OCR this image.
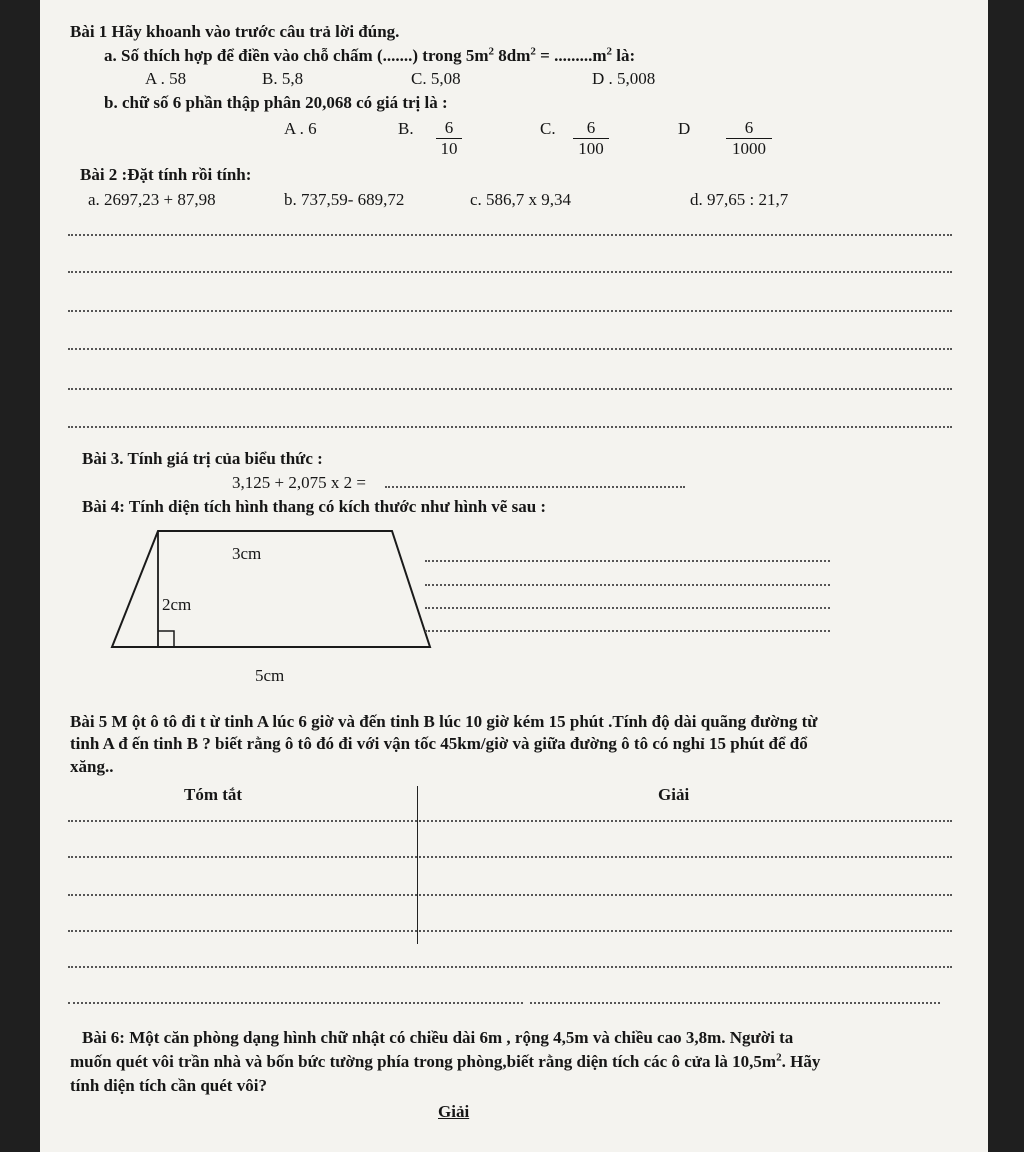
Bài 1 Hãy khoanh vào trước câu trả lời đúng.
a. Số thích hợp để điền vào chỗ chấm (.......) trong $5m^2$ $8dm^2 = .........m^2$ là:
A . 58	B. 5,8	C. 5,08	D . 5,008
b. chữ số 6 phần thập phân 20,068 có giá trị là :
A . 6	B. $\frac{6}{10}$	C. $\frac{6}{100}$	D $\frac{6}{1000}$
Bài 2 :Đặt tính rồi tính:
a. 2697,23 + 87,98	b. 737,59- 689,72	c. 586,7 x 9,34	d. 97,65 : 21,7
Bài 3. Tính giá trị của biểu thức :
3,125 + 2,075 x 2 =
Bài 4: Tính diện tích hình thang có kích thước như hình vẽ sau :
3cm
2cm
5cm
Bài 5 M ột ô tô đi t ừ tinh A lúc 6 giờ và đến tinh B lúc 10 giờ kém 15 phút .Tính độ dài quãng đường từ
tinh A đ ến tinh B ? biết rằng ô tô đó đi với vận tốc 45km/giờ và giữa đường ô tô có nghỉ 15 phút để đổ
xăng..
Tóm tắt	Giải
Bài 6: Một căn phòng dạng hình chữ nhật có chiều dài 6m , rộng 4,5m và chiều cao 3,8m. Người ta
muốn quét vôi trần nhà và bốn bức tường phía trong phòng,biết rằng diện tích các ô cửa là $10,5m^2$. Hãy
tính diện tích cần quét vôi?
Giải
